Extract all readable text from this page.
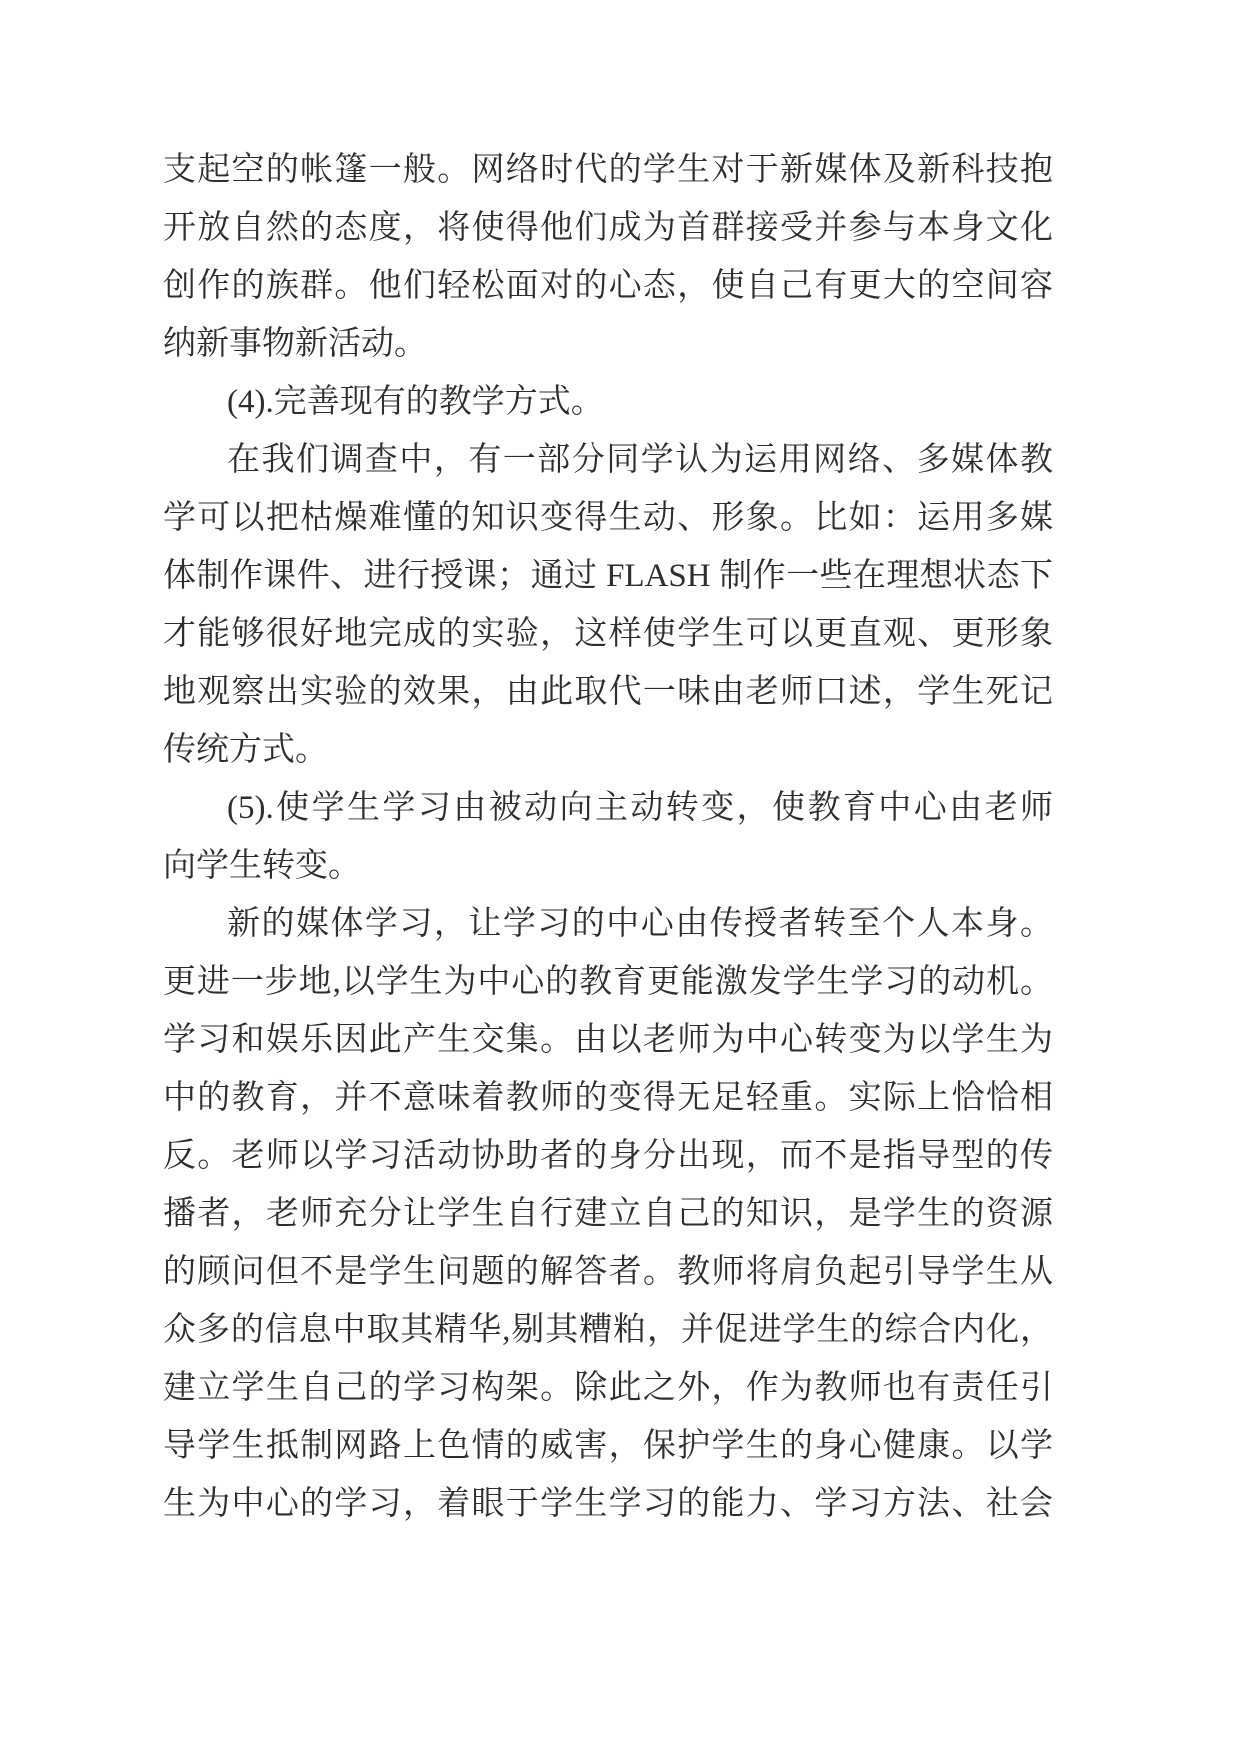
支起空的帐篷一般。网络时代的学生对于新媒体及新科技抱
开放自然的态度，将使得他们成为首群接受并参与本身文化
创作的族群。他们轻松面对的心态，使自己有更大的空间容
纳新事物新活动。
(4).完善现有的教学方式。
在我们调查中，有一部分同学认为运用网络、多媒体教
学可以把枯燥难懂的知识变得生动、形象。比如：运用多媒
体制作课件、进行授课；通过 FLASH 制作一些在理想状态下
才能够很好地完成的实验，这样使学生可以更直观、更形象
地观察出实验的效果，由此取代一味由老师口述，学生死记
传统方式。
(5).使学生学习由被动向主动转变，使教育中心由老师
向学生转变。
新的媒体学习，让学习的中心由传授者转至个人本身。
更进一步地,以学生为中心的教育更能激发学生学习的动机。
学习和娱乐因此产生交集。由以老师为中心转变为以学生为
中的教育，并不意味着教师的变得无足轻重。实际上恰恰相
反。老师以学习活动协助者的身分出现，而不是指导型的传
播者，老师充分让学生自行建立自己的知识，是学生的资源
的顾问但不是学生问题的解答者。教师将肩负起引导学生从
众多的信息中取其精华,剔其糟粕，并促进学生的综合内化，
建立学生自己的学习构架。除此之外，作为教师也有责任引
导学生抵制网路上色情的威害，保护学生的身心健康。以学
生为中心的学习，着眼于学生学习的能力、学习方法、社会
